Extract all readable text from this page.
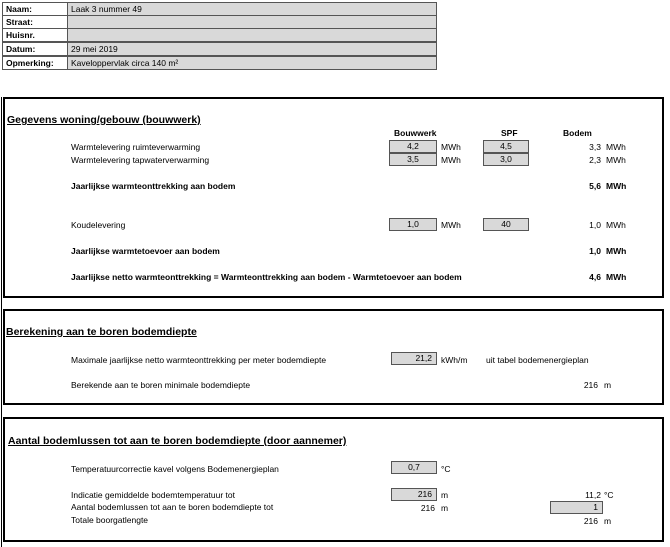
Naam:	Laak 3 nummer 49
Straat:
Huisnr.
Datum:	29 mei 2019
Opmerking:	Kaveloppervlak circa 140 m²
Gegevens woning/gebouw (bouwwerk)
Bouwwerk	SPF	Bodem
Warmtelevering ruimteverwarming	4,2	MWh	4,5	3,3 MWh
Warmtelevering tapwaterverwarming	3,5	MWh	3,0	2,3 MWh
Jaarlijkse warmteonttrekking aan bodem	5,6 MWh
Koudelevering	1,0	MWh	40	1,0 MWh
Jaarlijkse warmtetoevoer aan bodem	1,0 MWh
Jaarlijkse netto warmteonttrekking = Warmteonttrekking aan bodem - Warmtetoevoer aan bodem	4,6 MWh
Berekening aan te boren bodemdiepte
Maximale jaarlijkse netto warmteonttrekking per meter bodemdiepte	21,2	kWh/m uit tabel bodemenergieplan
Berekende aan te boren minimale bodemdiepte	216 m
Aantal bodemlussen tot aan te boren bodemdiepte (door aannemer)
Temperatuurcorrectie kavel volgens Bodemenergieplan	0,7	°C
Indicatie gemiddelde bodemtemperatuur tot	216	m	11,2 °C
Aantal bodemlussen tot aan te boren bodemdiepte tot	216 m	1
Totale boorgatlengte	216 m
